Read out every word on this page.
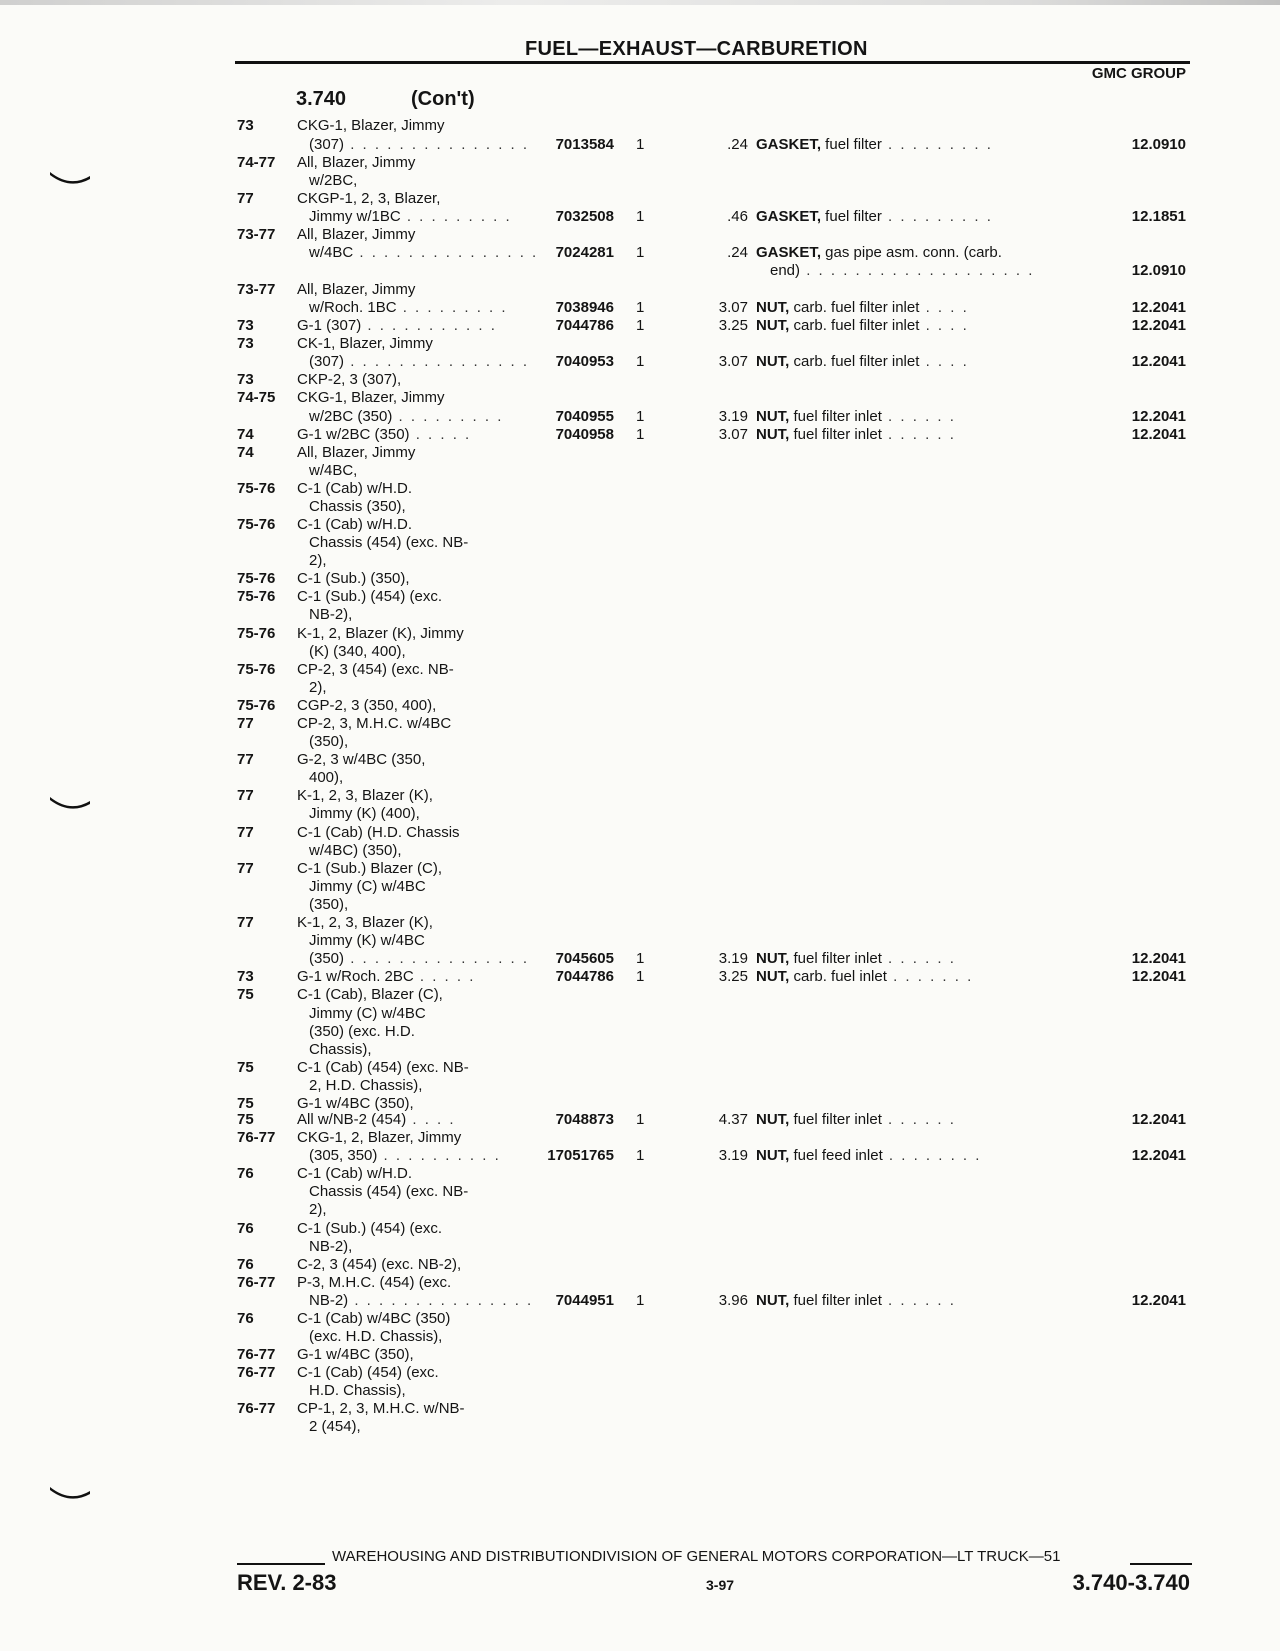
FUEL—EXHAUST—CARBURETION
GMC GROUP
3.740	(Con't)
73	CKG-1, Blazer, Jimmy
(307) . . . . . . . . . . . . . . . 7013584 1	.24 GASKET, fuel filter . . . . . . . . .	12.0910
74-77 All, Blazer, Jimmy
w/2BC,
77	CKGP-1, 2, 3, Blazer,
Jimmy w/1BC . . . . . . . . .	7032508 1	.46 GASKET, fuel filter . . . . . . . . .	12.1851
73-77 All, Blazer, Jimmy
w/4BC . . . . . . . . . . . . . . . 7024281 1	.24 GASKET, gas pipe asm. conn. (carb.
end) . . . . . . . . . . . . . . . . . . .	12.0910
73-77 All, Blazer, Jimmy
w/Roch. 1BC . . . . . . . . .	7038946 1	3.07 NUT, carb. fuel filter inlet . . . .	12.2041
73	G-1 (307) . . . . . . . . . . .	7044786 1	3.25 NUT, carb. fuel filter inlet . . . .	12.2041
73	CK-1, Blazer, Jimmy
(307) . . . . . . . . . . . . . . . 7040953 1	3.07 NUT, carb. fuel filter inlet . . . .	12.2041
73	CKP-2, 3 (307),
74-75 CKG-1, Blazer, Jimmy
w/2BC (350) . . . . . . . . .	7040955 1	3.19 NUT, fuel filter inlet . . . . . .	12.2041
74	G-1 w/2BC (350) . . . . .	7040958 1	3.07 NUT, fuel filter inlet . . . . . .	12.2041
74	All, Blazer, Jimmy
w/4BC,
75-76 C-1 (Cab) w/H.D.
Chassis (350),
75-76 C-1 (Cab) w/H.D.
Chassis (454) (exc. NB-
2),
75-76 C-1 (Sub.) (350),
75-76 C-1 (Sub.) (454) (exc.
NB-2),
75-76 K-1, 2, Blazer (K), Jimmy
(K) (340, 400),
75-76 CP-2, 3 (454) (exc. NB-
2),
75-76 CGP-2, 3 (350, 400),
77	CP-2, 3, M.H.C. w/4BC
(350),
77	G-2, 3 w/4BC (350,
400),
77	K-1, 2, 3, Blazer (K),
Jimmy (K) (400),
77	C-1 (Cab) (H.D. Chassis
w/4BC) (350),
77	C-1 (Sub.) Blazer (C),
Jimmy (C) w/4BC
(350),
77	K-1, 2, 3, Blazer (K),
Jimmy (K) w/4BC
(350) . . . . . . . . . . . . . . . 7045605 1	3.19 NUT, fuel filter inlet . . . . . .	12.2041
73	G-1 w/Roch. 2BC . . . . .	7044786 1	3.25 NUT, carb. fuel inlet . . . . . . .	12.2041
75	C-1 (Cab), Blazer (C),
Jimmy (C) w/4BC
(350) (exc. H.D.
Chassis),
75	C-1 (Cab) (454) (exc. NB-
2, H.D. Chassis),
75	G-1 w/4BC (350),
75	All w/NB-2 (454) . . . .	7048873 1	4.37 NUT, fuel filter inlet . . . . . .	12.2041
76-77 CKG-1, 2, Blazer, Jimmy
(305, 350) . . . . . . . . . .	17051765 1	3.19 NUT, fuel feed inlet . . . . . . . .	12.2041
76	C-1 (Cab) w/H.D.
Chassis (454) (exc. NB-
2),
76	C-1 (Sub.) (454) (exc.
NB-2),
76	C-2, 3 (454) (exc. NB-2),
76-77 P-3, M.H.C. (454) (exc.
NB-2) . . . . . . . . . . . . . . . 7044951 1	3.96 NUT, fuel filter inlet . . . . . .	12.2041
76	C-1 (Cab) w/4BC (350)
(exc. H.D. Chassis),
76-77 G-1 w/4BC (350),
76-77 C-1 (Cab) (454) (exc.
H.D. Chassis),
76-77 CP-1, 2, 3, M.H.C. w/NB-
2 (454),
WAREHOUSING AND DISTRIBUTIONDIVISION OF GENERAL MOTORS CORPORATION—LT TRUCK—51
REV. 2-83	3-97	3.740-3.740
